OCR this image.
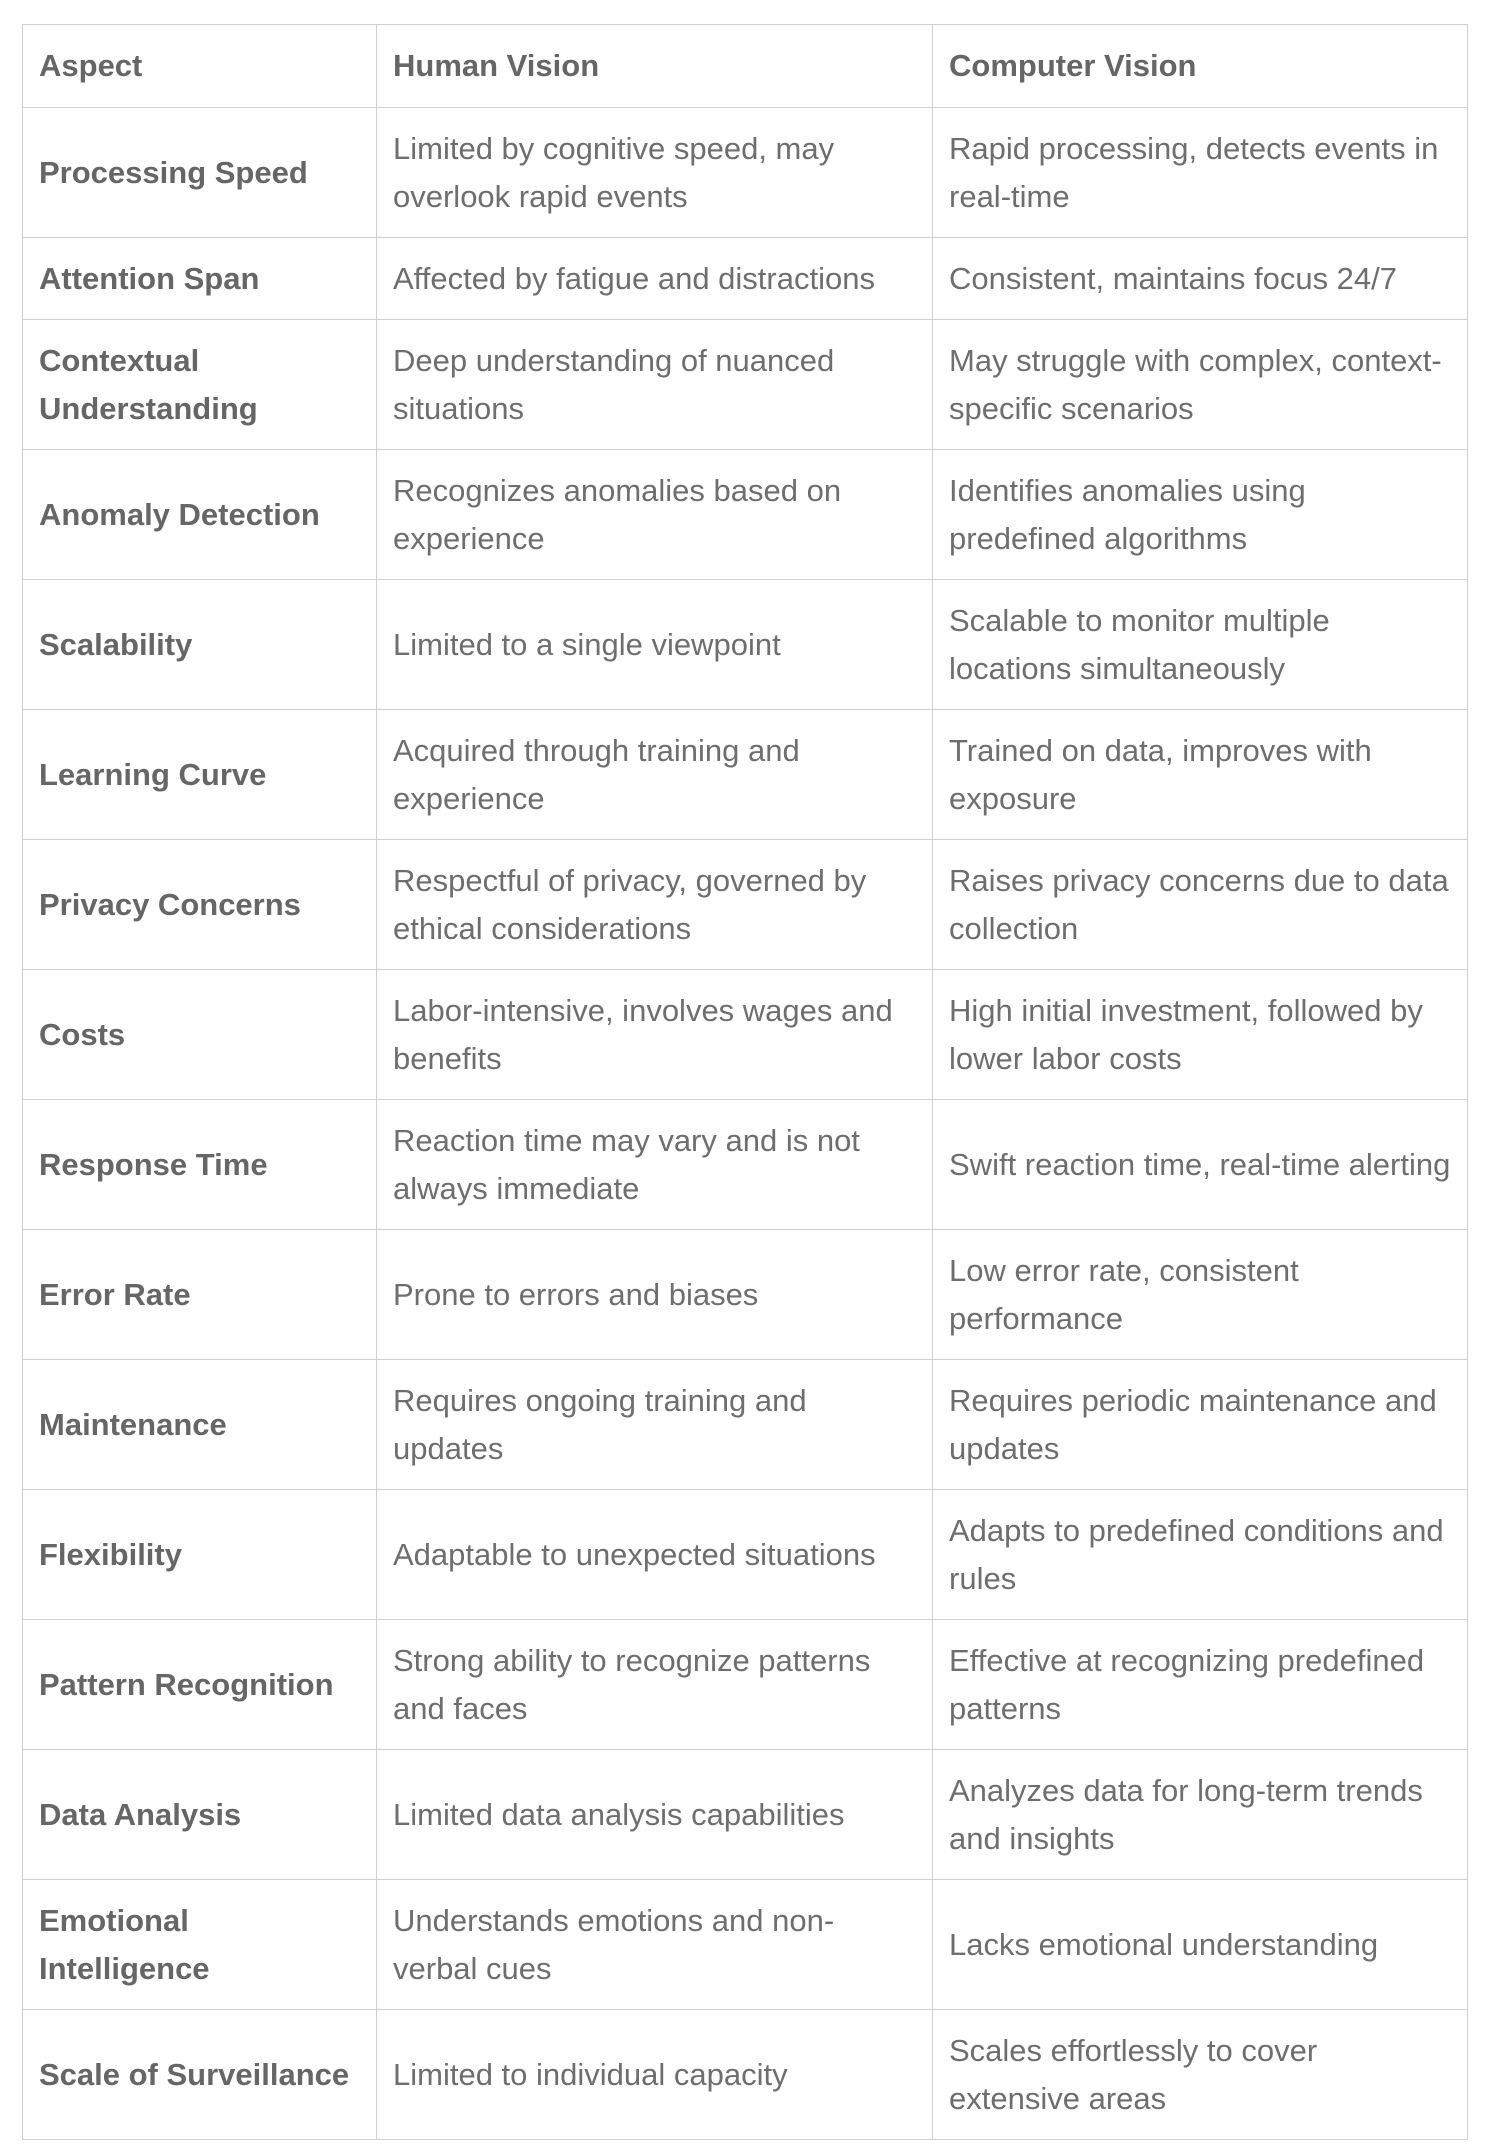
Aspect	Human Vision	Computer Vision
Processing Speed	Limited by cognitive speed, may overlook rapid events	Rapid processing, detects events in real-time
Attention Span	Affected by fatigue and distractions	Consistent, maintains focus 24/7
Contextual Understanding	Deep understanding of nuanced situations	May struggle with complex, context-specific scenarios
Anomaly Detection	Recognizes anomalies based on experience	Identifies anomalies using predefined algorithms
Scalability	Limited to a single viewpoint	Scalable to monitor multiple locations simultaneously
Learning Curve	Acquired through training and experience	Trained on data, improves with exposure
Privacy Concerns	Respectful of privacy, governed by ethical considerations	Raises privacy concerns due to data collection
Costs	Labor-intensive, involves wages and benefits	High initial investment, followed by lower labor costs
Response Time	Reaction time may vary and is not always immediate	Swift reaction time, real-time alerting
Error Rate	Prone to errors and biases	Low error rate, consistent performance
Maintenance	Requires ongoing training and updates	Requires periodic maintenance and updates
Flexibility	Adaptable to unexpected situations	Adapts to predefined conditions and rules
Pattern Recognition	Strong ability to recognize patterns and faces	Effective at recognizing predefined patterns
Data Analysis	Limited data analysis capabilities	Analyzes data for long-term trends and insights
Emotional Intelligence	Understands emotions and non-verbal cues	Lacks emotional understanding
Scale of Surveillance	Limited to individual capacity	Scales effortlessly to cover extensive areas
